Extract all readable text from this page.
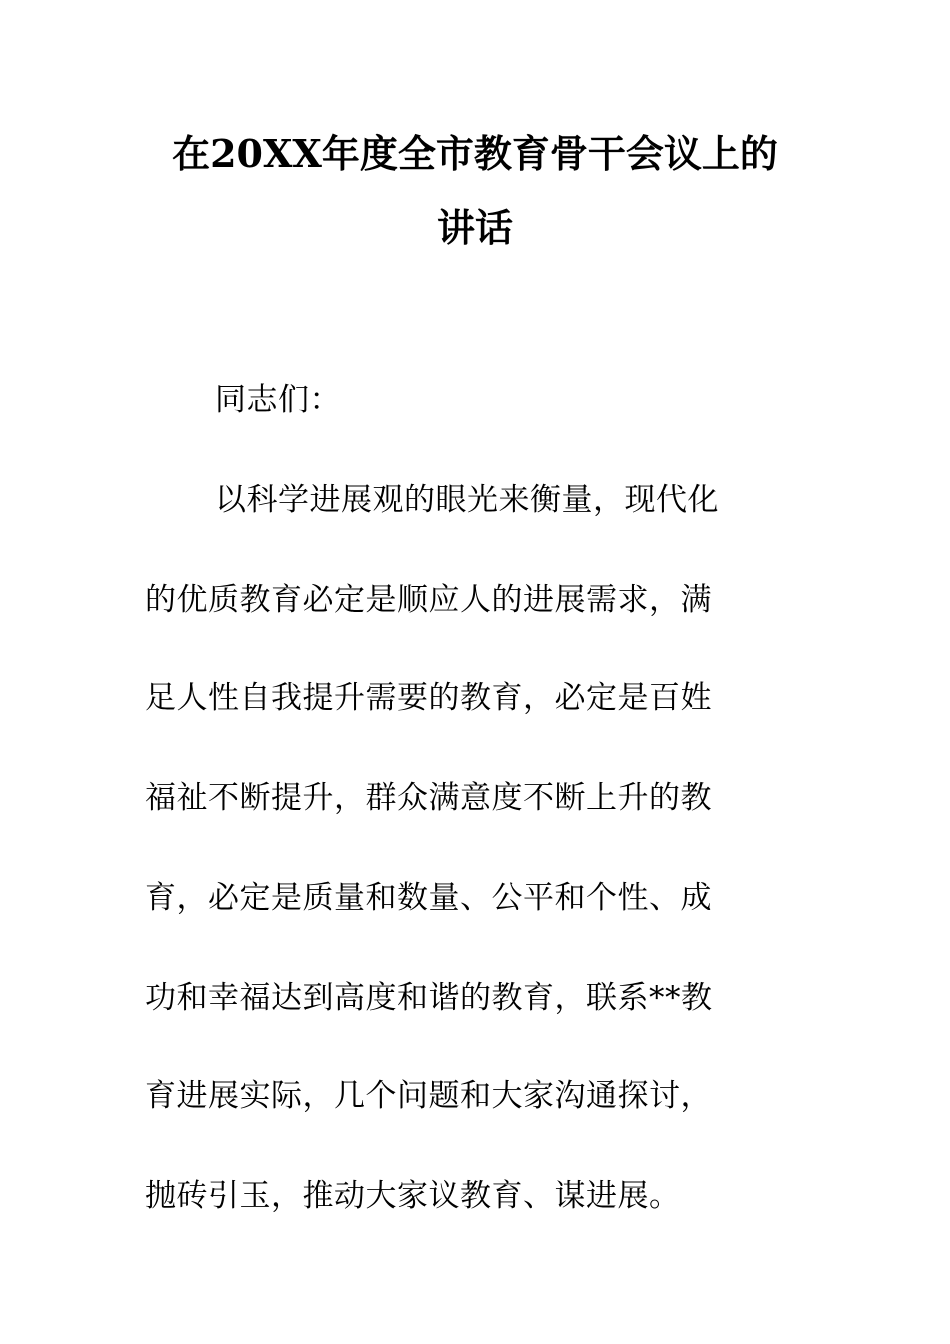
在20XX年度全市教育骨干会议上的
讲话
同志们：
以科学进展观的眼光来衡量，现代化
的优质教育必定是顺应人的进展需求，满
足人性自我提升需要的教育，必定是百姓
福祉不断提升，群众满意度不断上升的教
育，必定是质量和数量、公平和个性、成
功和幸福达到高度和谐的教育，联系**教
育进展实际，几个问题和大家沟通探讨，
抛砖引玉，推动大家议教育、谋进展。
